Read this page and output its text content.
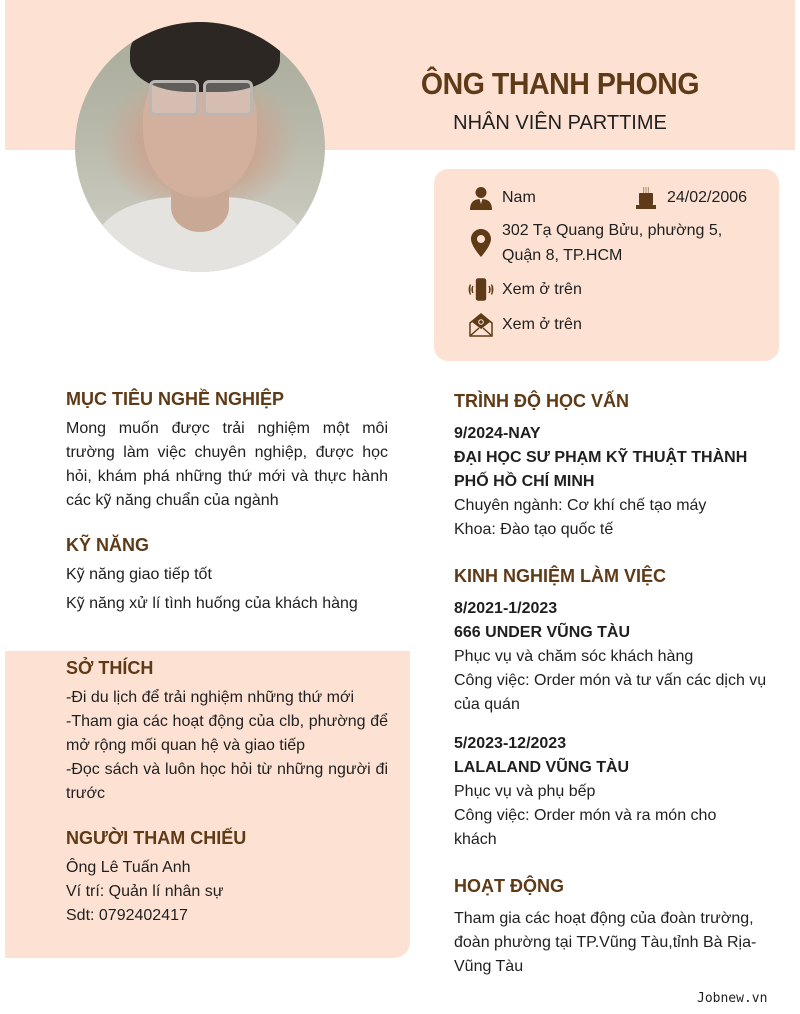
ÔNG THANH PHONG
NHÂN VIÊN PARTTIME
Nam	24/02/2006
302 Tạ Quang Bửu, phường 5,
Quận 8, TP.HCM
Xem ở trên
Xem ở trên
MỤC TIÊU NGHỀ NGHIỆP
Mong muốn được trải nghiệm một môi trường làm việc chuyên nghiệp, được học hỏi, khám phá những thứ mới và thực hành các kỹ năng chuẩn của ngành
KỸ NĂNG
Kỹ năng giao tiếp tốt
Kỹ năng xử lí tình huống của khách hàng
SỞ THÍCH
-Đi du lịch để trải nghiệm những thứ mới
-Tham gia các hoạt động của clb, phường để mở rộng mối quan hệ và giao tiếp
-Đọc sách và luôn học hỏi từ những người đi trước
NGƯỜI THAM CHIẾU
Ông Lê Tuấn Anh
Ví trí: Quản lí nhân sự
Sdt: 0792402417
TRÌNH ĐỘ HỌC VẤN
9/2024-NAY
ĐẠI HỌC SƯ PHẠM KỸ THUẬT THÀNH PHỐ HỒ CHÍ MINH
Chuyên ngành: Cơ khí chế tạo máy
Khoa: Đào tạo quốc tế
KINH NGHIỆM LÀM VIỆC
8/2021-1/2023
666 UNDER VŨNG TÀU
Phục vụ và chăm sóc khách hàng
Công việc: Order món và tư vấn các dịch vụ của quán
5/2023-12/2023
LALALAND VŨNG TÀU
Phục vụ và phụ bếp
Công việc: Order món và ra món cho khách
HOẠT ĐỘNG
Tham gia các hoạt động của đoàn trường, đoàn phường tại TP.Vũng Tàu,tỉnh Bà Rịa-Vũng Tàu
Jobnew.vn
